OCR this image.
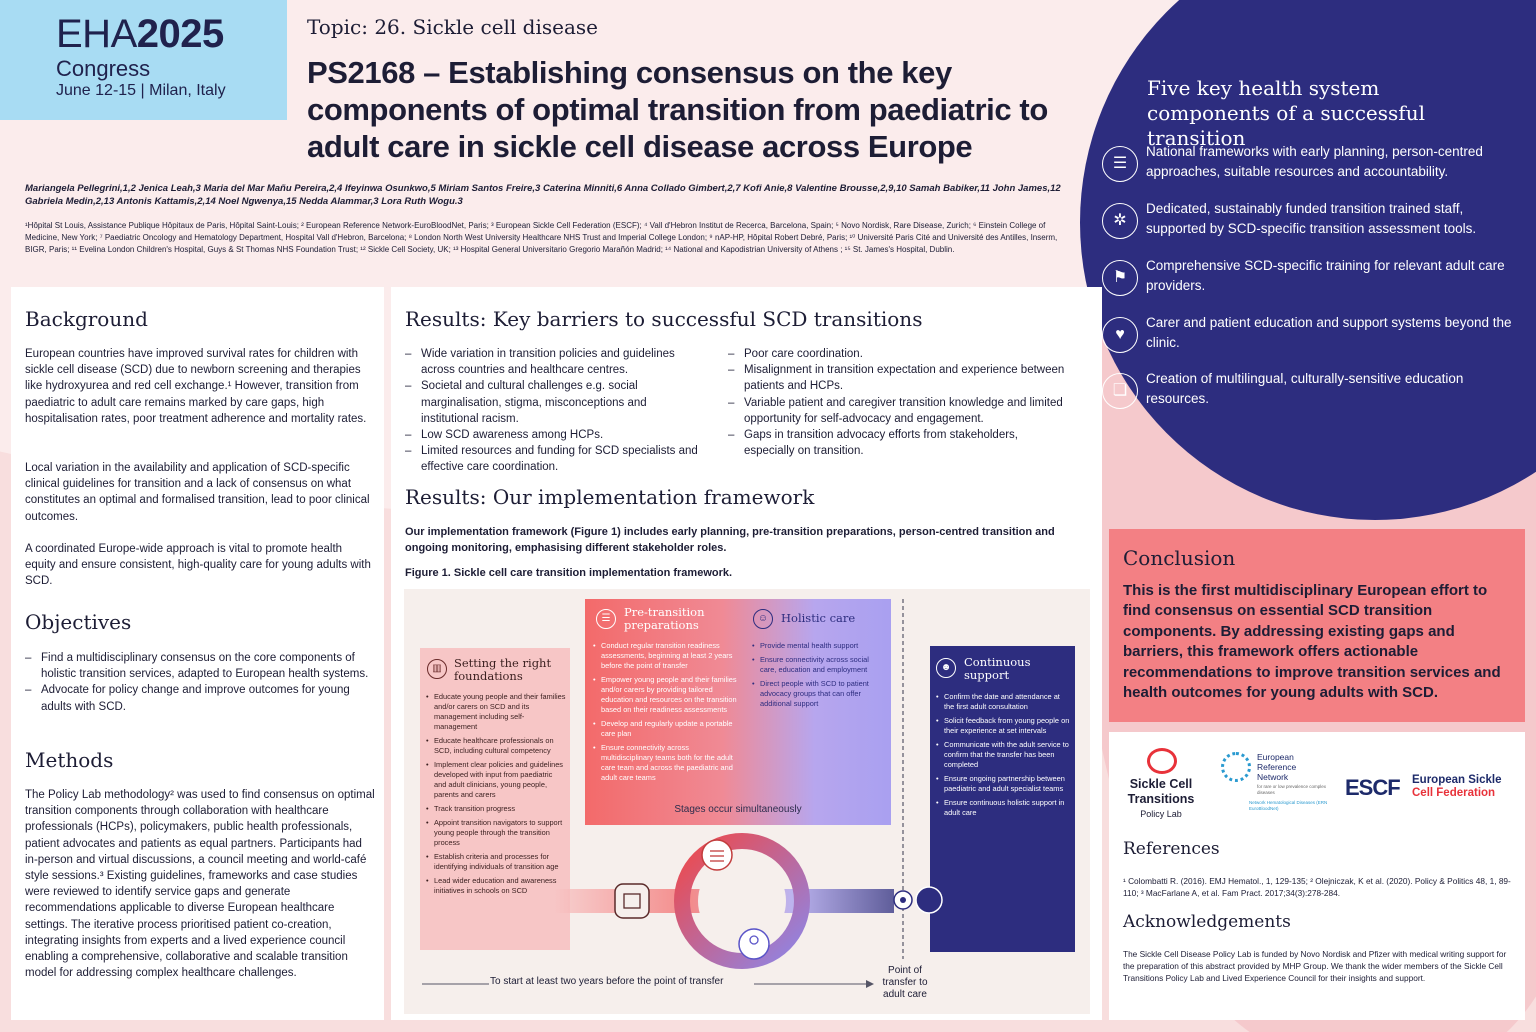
EHA2025
Congress
June 12-15 | Milan, Italy
Topic: 26. Sickle cell disease
PS2168 – Establishing consensus on the key components of optimal transition from paediatric to adult care in sickle cell disease across Europe
Mariangela Pellegrini,1,2 Jenica Leah,3 Maria del Mar Mañu Pereira,2,4 Ifeyinwa Osunkwo,5 Miriam Santos Freire,3 Caterina Minniti,6 Anna Collado Gimbert,2,7 Kofi Anie,8 Valentine Brousse,2,9,10 Samah Babiker,11 John James,12 Gabriela Medin,2,13 Antonis Kattamis,2,14 Noel Ngwenya,15 Nedda Alammar,3 Lora Ruth Wogu.3
¹Hôpital St Louis, Assistance Publique Hôpitaux de Paris, Hôpital Saint-Louis; ² European Reference Network-EuroBloodNet, Paris; ³ European Sickle Cell Federation (ESCF); ⁴ Vall d'Hebron Institut de Recerca, Barcelona, Spain; ⁵ Novo Nordisk, Rare Disease, Zurich; ⁶ Einstein College of Medicine, New York; ⁷ Paediatric Oncology and Hematology Department, Hospital Vall d'Hebron, Barcelona; ⁸ London North West University Healthcare NHS Trust and Imperial College London; ⁹ nAP-HP, Hôpital Robert Debré, Paris; ¹⁰ Université Paris Cité and Université des Antilles, Inserm, BIGR, Paris; ¹¹ Evelina London Children's Hospital, Guys & St Thomas NHS Foundation Trust; ¹² Sickle Cell Society, UK; ¹³ Hospital General Universitario Gregorio Marañón Madrid; ¹⁴ National and Kapodistrian University of Athens ; ¹⁵ St. James's Hospital, Dublin.
Five key health system components of a successful transition
☰
National frameworks with early planning, person-centred approaches, suitable resources and accountability.
✲
Dedicated, sustainably funded transition trained staff, supported by SCD-specific transition assessment tools.
⚑
Comprehensive SCD-specific training for relevant adult care providers.
♥
Carer and patient education and support systems beyond the clinic.
❏
Creation of multilingual, culturally-sensitive education resources.
Background

European countries have improved survival rates for children with sickle cell disease (SCD) due to newborn screening and therapies like hydroxyurea and red cell exchange.¹ However, transition from paediatric to adult care remains marked by care gaps, high hospitalisation rates, poor treatment adherence and mortality rates.

Local variation in the availability and application of SCD-specific clinical guidelines for transition and a lack of consensus on what constitutes an optimal and formalised transition, lead to poor clinical outcomes.

A coordinated Europe-wide approach is vital to promote health equity and ensure consistent, high-quality care for young adults with SCD.

Objectives
– Find a multidisciplinary consensus on the core components of holistic transition services, adapted to European health systems.
– Advocate for policy change and improve outcomes for young adults with SCD.
Methods

The Policy Lab methodology² was used to find consensus on optimal transition components through collaboration with healthcare professionals (HCPs), policymakers, public health professionals, patient advocates and patients as equal partners. Participants had in-person and virtual discussions, a council meeting and world-café style sessions.³ Existing guidelines, frameworks and case studies were reviewed to identify service gaps and generate recommendations applicable to diverse European healthcare settings. The iterative process prioritised patient co-creation, integrating insights from experts and a lived experience council enabling a comprehensive, collaborative and scalable transition model for addressing complex healthcare challenges.

Results: Key barriers to successful SCD transitions
– Wide variation in transition policies and guidelines across countries and healthcare centres.
– Societal and cultural challenges e.g. social marginalisation, stigma, misconceptions and institutional racism.
– Low SCD awareness among HCPs.
– Limited resources and funding for SCD specialists and effective care coordination.
– Poor care coordination.
– Misalignment in transition expectation and experience between patients and HCPs.
– Variable patient and caregiver transition knowledge and limited opportunity for self-advocacy and engagement.
– Gaps in transition advocacy efforts from stakeholders, especially on transition.
Results: Our implementation framework

Our implementation framework (Figure 1) includes early planning, pre-transition preparations, person-centred transition and ongoing monitoring, emphasising different stakeholder roles.

Figure 1. Sickle cell care transition implementation framework.

▥	Setting the right foundations
• Educate young people and their families and/or carers on SCD and its management including self-management
• Educate healthcare professionals on SCD, including cultural competency
• Implement clear policies and guidelines developed with input from paediatric and adult clinicians, young people, parents and carers
• Track transition progress
• Appoint transition navigators to support young people through the transition process
• Establish criteria and processes for identifying individuals of transition age
• Lead wider education and awareness initiatives in schools on SCD
☰	Pre-transition preparations
• Conduct regular transition readiness assessments, beginning at least 2 years before the point of transfer
• Empower young people and their families and/or carers by providing tailored education and resources on the transition based on their readiness assessments
• Develop and regularly update a portable care plan
• Ensure connectivity across multidisciplinary teams both for the adult care team and across the paediatric and adult care teams
☺	Holistic care
• Provide mental health support
• Ensure connectivity across social care, education and employment
• Direct people with SCD to patient advocacy groups that can offer additional support
Stages occur simultaneously
☻	Continuous support
• Confirm the date and attendance at the first adult consultation
• Solicit feedback from young people on their experience at set intervals
• Communicate with the adult service to confirm that the transfer has been completed
• Ensure ongoing partnership between paediatric and adult specialist teams
• Ensure continuous holistic support in adult care
To start at least two years before the point of transfer
Point of transfer to adult care
Conclusion

This is the first multidisciplinary European effort to find consensus on essential SCD transition components. By addressing existing gaps and barriers, this framework offers actionable recommendations to improve transition services and health outcomes for young adults with SCD.

Sickle Cell
Transitions
Policy Lab
European
Reference
Network
for rare or low prevalence complex diseases
Network Hematological Diseases (ERN EuroBloodNet)
ESCF European Sickle
Cell Federation
References

¹ Colombatti R. (2016). EMJ Hematol., 1, 129-135; ² Olejniczak, K et al. (2020). Policy & Politics 48, 1, 89-110; ³ MacFarlane A, et al. Fam Pract. 2017;34(3):278-284.

Acknowledgements

The Sickle Cell Disease Policy Lab is funded by Novo Nordisk and Pfizer with medical writing support for the preparation of this abstract provided by MHP Group. We thank the wider members of the Sickle Cell Transitions Policy Lab and Lived Experience Council for their insights and support.
